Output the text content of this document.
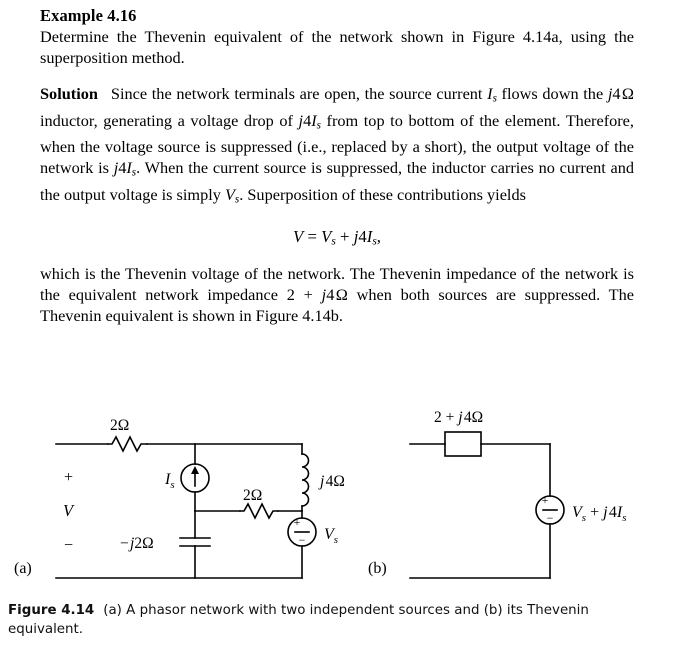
Example 4.16

Determine the Thevenin equivalent of the network shown in Figure 4.14a, using the superposition method.

Solution Since the network terminals are open, the source current $I_s$ flows down the j4 Ω inductor, generating a voltage drop of $j4I_s$ from top to bottom of the element. Therefore, when the voltage source is suppressed (i.e., replaced by a short), the output voltage of the network is $j4I_s$. When the current source is suppressed, the inductor carries no current and the output voltage is simply $V_s$. Superposition of these contributions yields

$V = V_s + j4I_s$,

which is the Thevenin voltage of the network. The Thevenin impedance of the network is the equivalent network impedance 2 + j4 Ω when both sources are suppressed. The Thevenin equivalent is shown in Figure 4.14b.

2Ω
$I_s$
+
V
−	− j2Ω
2Ω
j 4Ω
$V_s$
+
−
(a)
2 + j 4Ω
$V_s + j$ $4I_s$
+
−
(b)
Figure 4.14 (a) A phasor network with two independent sources and (b) its Thevenin equivalent.
